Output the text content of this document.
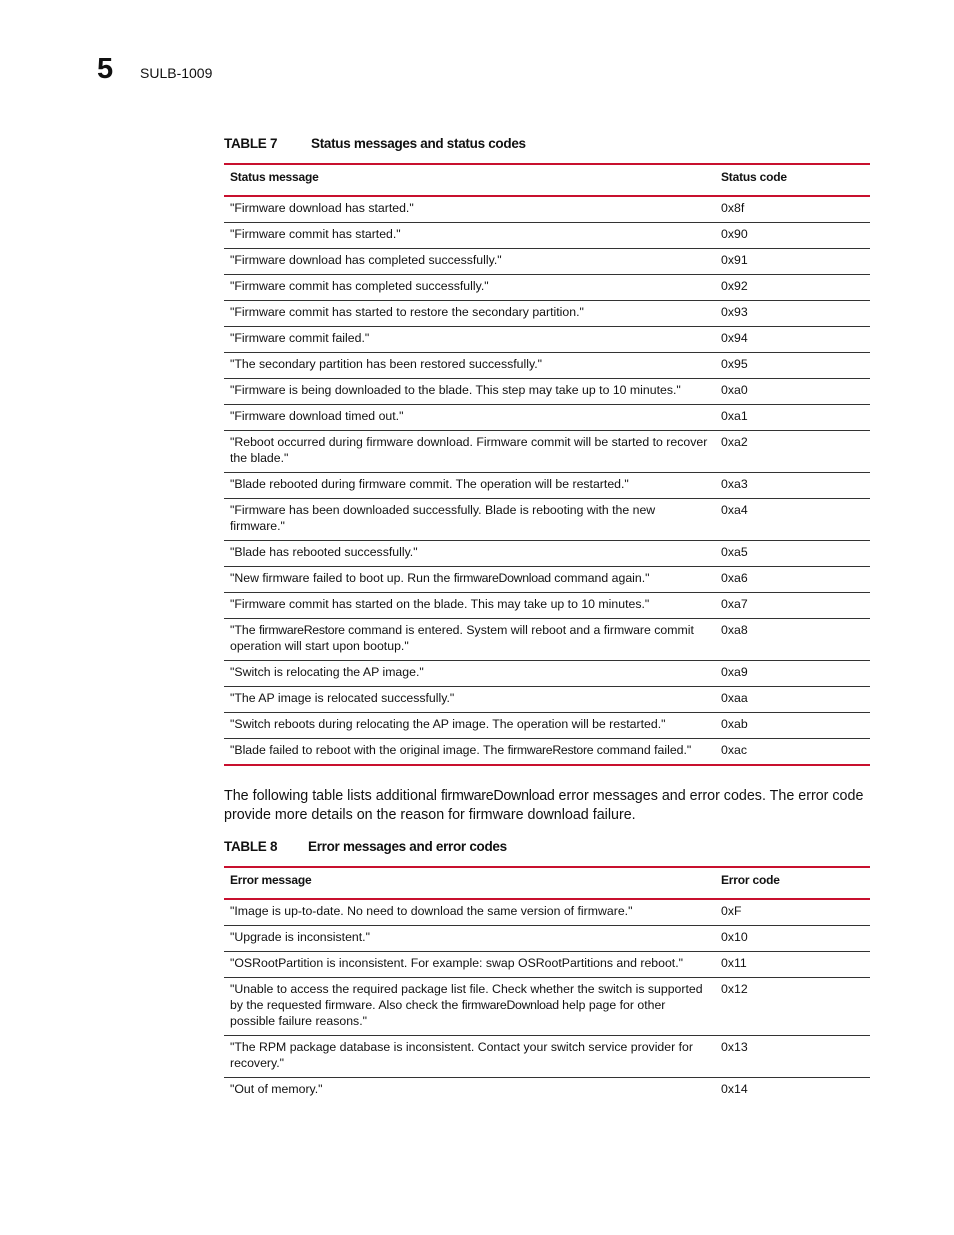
5 SULB-1009
TABLE 7	Status messages and status codes
Status message	Status code
"Firmware download has started."	0x8f
"Firmware commit has started."	0x90
"Firmware download has completed successfully."	0x91
"Firmware commit has completed successfully."	0x92
"Firmware commit has started to restore the secondary partition."	0x93
"Firmware commit failed."	0x94
"The secondary partition has been restored successfully."	0x95
"Firmware is being downloaded to the blade. This step may take up to 10 minutes."	0xa0
"Firmware download timed out."	0xa1
"Reboot occurred during firmware download. Firmware commit will be started to recover the blade."	0xa2
"Blade rebooted during firmware commit. The operation will be restarted."	0xa3
"Firmware has been downloaded successfully. Blade is rebooting with the new firmware."	0xa4
"Blade has rebooted successfully."	0xa5
"New firmware failed to boot up. Run the firmwareDownload command again."	0xa6
"Firmware commit has started on the blade. This may take up to 10 minutes."	0xa7
"The firmwareRestore command is entered. System will reboot and a firmware commit operation will start upon bootup."	0xa8
"Switch is relocating the AP image."	0xa9
"The AP image is relocated successfully."	0xaa
"Switch reboots during relocating the AP image. The operation will be restarted."	0xab
"Blade failed to reboot with the original image. The firmwareRestore command failed."	0xac
The following table lists additional firmwareDownload error messages and error codes. The error code provide more details on the reason for firmware download failure.
TABLE 8 Error messages and error codes
Error message	Error code
"Image is up-to-date. No need to download the same version of firmware."	0xF
"Upgrade is inconsistent."	0x10
"OSRootPartition is inconsistent. For example: swap OSRootPartitions and reboot."	0x11
"Unable to access the required package list file. Check whether the switch is supported by the requested firmware. Also check the firmwareDownload help page for other possible failure reasons."	0x12
"The RPM package database is inconsistent. Contact your switch service provider for recovery."	0x13
"Out of memory."	0x14
